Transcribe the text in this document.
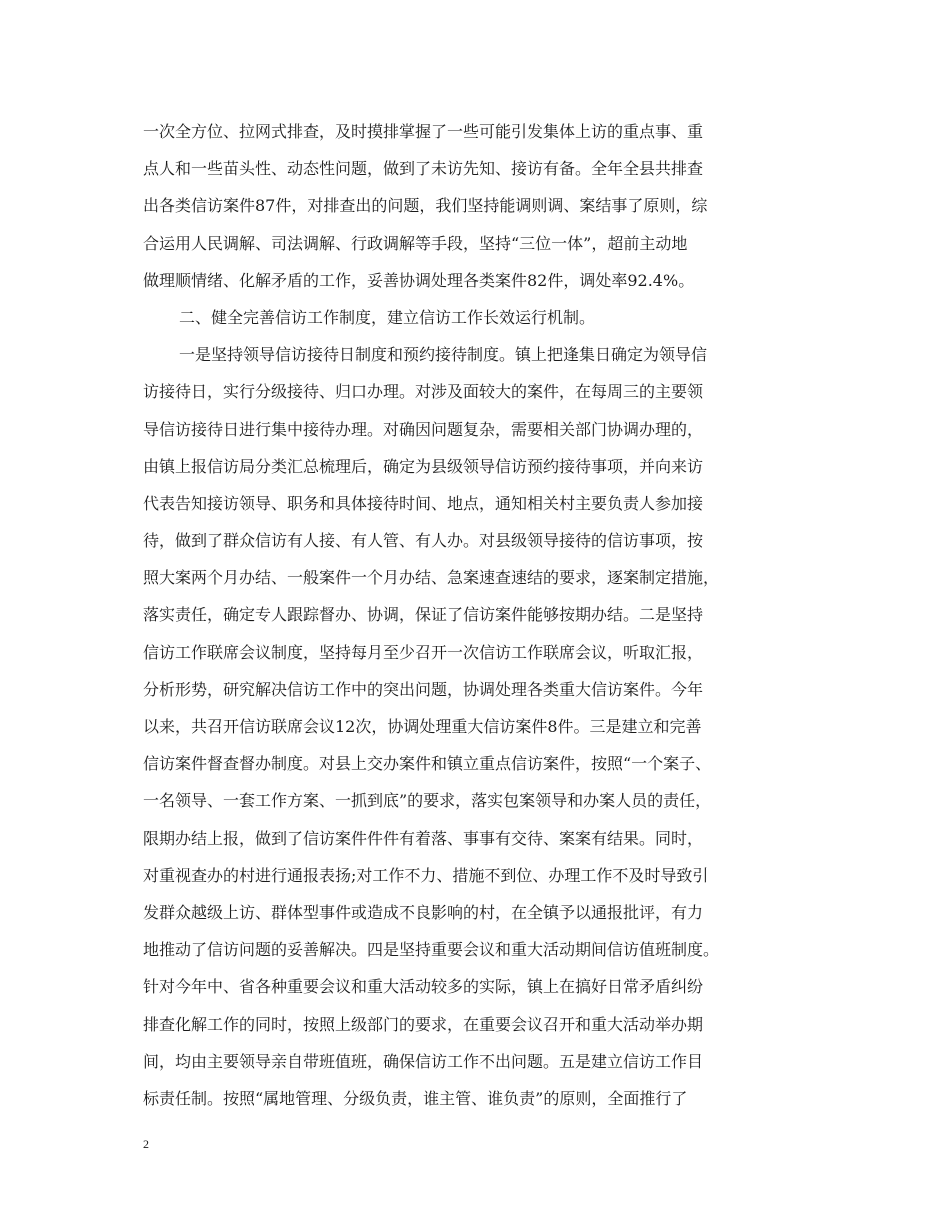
一次全方位、拉网式排查，及时摸排掌握了一些可能引发集体上访的重点事、重
点人和一些苗头性、动态性问题，做到了未访先知、接访有备。全年全县共排查
出各类信访案件87件，对排查出的问题，我们坚持能调则调、案结事了原则，综
合运用人民调解、司法调解、行政调解等手段，坚持“三位一体”，超前主动地
做理顺情绪、化解矛盾的工作，妥善协调处理各类案件82件，调处率92.4%。
二、健全完善信访工作制度，建立信访工作长效运行机制。
一是坚持领导信访接待日制度和预约接待制度。镇上把逢集日确定为领导信
访接待日，实行分级接待、归口办理。对涉及面较大的案件，在每周三的主要领
导信访接待日进行集中接待办理。对确因问题复杂，需要相关部门协调办理的，
由镇上报信访局分类汇总梳理后，确定为县级领导信访预约接待事项，并向来访
代表告知接访领导、职务和具体接待时间、地点，通知相关村主要负责人参加接
待，做到了群众信访有人接、有人管、有人办。对县级领导接待的信访事项，按
照大案两个月办结、一般案件一个月办结、急案速查速结的要求，逐案制定措施，
落实责任，确定专人跟踪督办、协调，保证了信访案件能够按期办结。二是坚持
信访工作联席会议制度，坚持每月至少召开一次信访工作联席会议，听取汇报，
分析形势，研究解决信访工作中的突出问题，协调处理各类重大信访案件。今年
以来，共召开信访联席会议12次，协调处理重大信访案件8件。三是建立和完善
信访案件督查督办制度。对县上交办案件和镇立重点信访案件，按照“一个案子、
一名领导、一套工作方案、一抓到底”的要求，落实包案领导和办案人员的责任，
限期办结上报，做到了信访案件件件有着落、事事有交待、案案有结果。同时，
对重视查办的村进行通报表扬;对工作不力、措施不到位、办理工作不及时导致引
发群众越级上访、群体型事件或造成不良影响的村，在全镇予以通报批评，有力
地推动了信访问题的妥善解决。四是坚持重要会议和重大活动期间信访值班制度。
针对今年中、省各种重要会议和重大活动较多的实际，镇上在搞好日常矛盾纠纷
排查化解工作的同时，按照上级部门的要求，在重要会议召开和重大活动举办期
间，均由主要领导亲自带班值班，确保信访工作不出问题。五是建立信访工作目
标责任制。按照“属地管理、分级负责，谁主管、谁负责”的原则，全面推行了
2
